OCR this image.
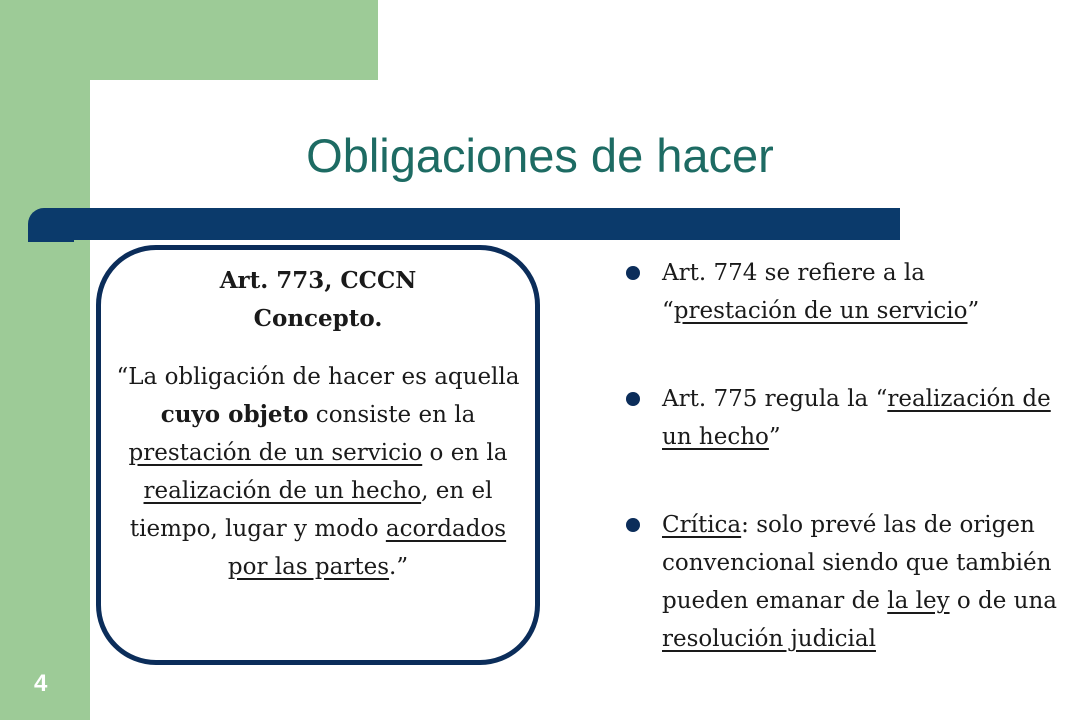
Obligaciones de hacer
Art. 773, CCCN
Concepto.
“La obligación de hacer es aquella cuyo objeto consiste en la prestación de un servicio o en la realización de un hecho, en el tiempo, lugar y modo acordados por las partes.”
Art. 774 se refiere a la “prestación de un servicio”
Art. 775 regula la “realización de un hecho”
Crítica: solo prevé las de origen convencional siendo que también pueden emanar de la ley o de una resolución judicial
4
